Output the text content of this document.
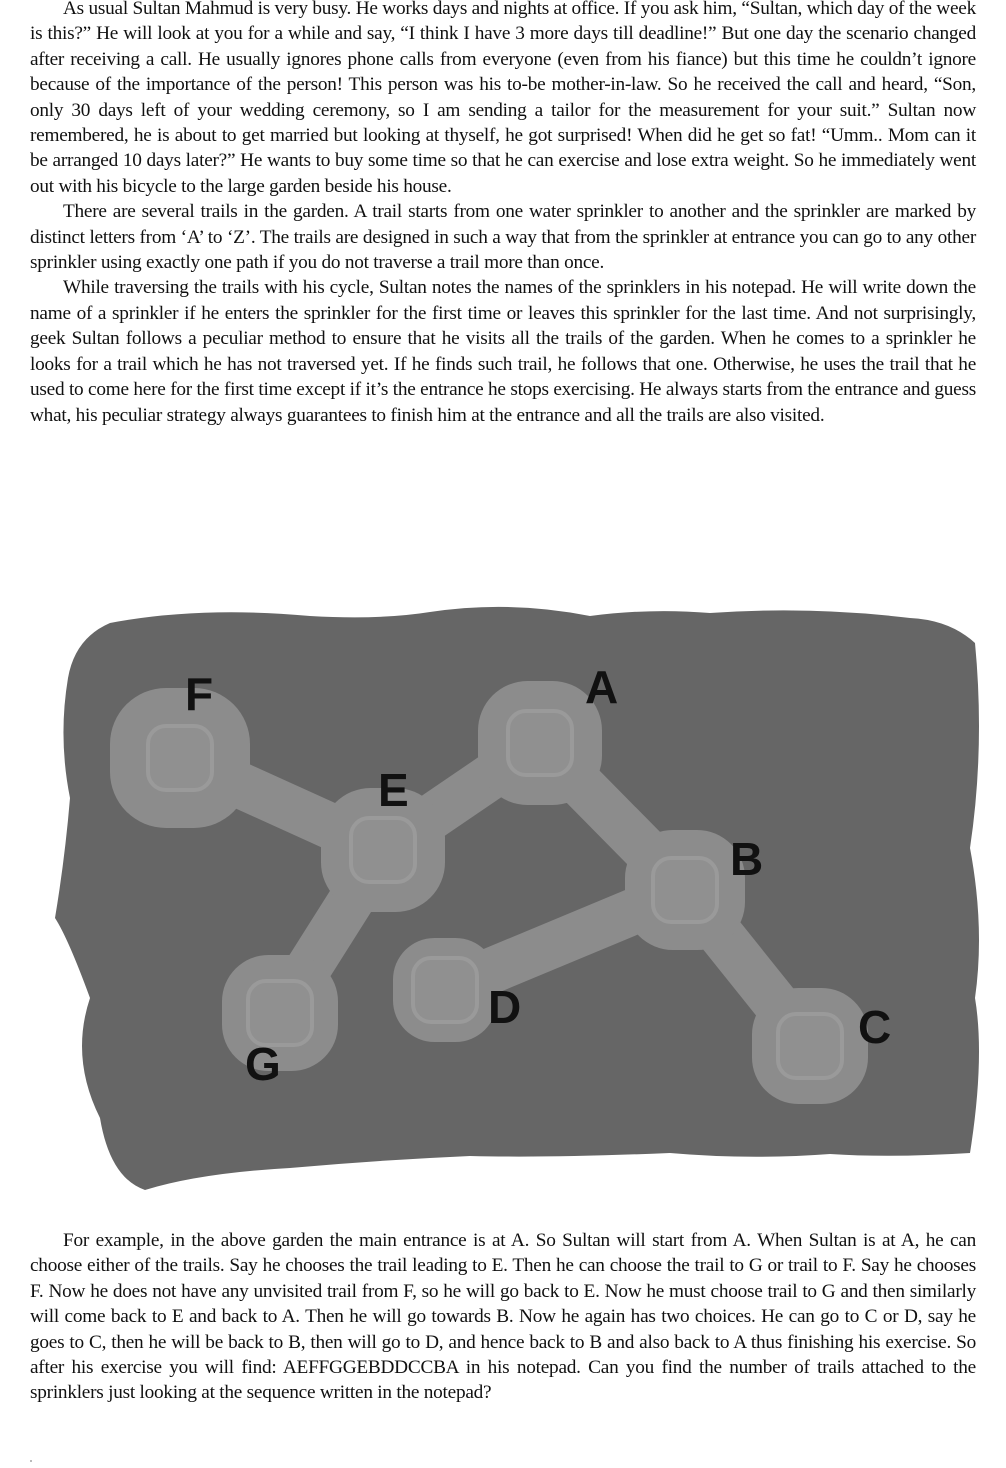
As usual Sultan Mahmud is very busy. He works days and nights at office. If you ask him, “Sultan, which day of the week is this?” He will look at you for a while and say, “I think I have 3 more days till deadline!” But one day the scenario changed after receiving a call. He usually ignores phone calls from everyone (even from his fiance) but this time he couldn’t ignore because of the importance of the person! This person was his to-be mother-in-law. So he received the call and heard, “Son, only 30 days left of your wedding ceremony, so I am sending a tailor for the measurement for your suit.” Sultan now remembered, he is about to get married but looking at thyself, he got surprised! When did he get so fat! “Umm.. Mom can it be arranged 10 days later?” He wants to buy some time so that he can exercise and lose extra weight. So he immediately went out with his bicycle to the large garden beside his house.

There are several trails in the garden. A trail starts from one water sprinkler to another and the sprinkler are marked by distinct letters from ‘A’ to ‘Z’. The trails are designed in such a way that from the sprinkler at entrance you can go to any other sprinkler using exactly one path if you do not traverse a trail more than once.

While traversing the trails with his cycle, Sultan notes the names of the sprinklers in his notepad. He will write down the name of a sprinkler if he enters the sprinkler for the first time or leaves this sprinkler for the last time. And not surprisingly, geek Sultan follows a peculiar method to ensure that he visits all the trails of the garden. When he comes to a sprinkler he looks for a trail which he has not traversed yet. If he finds such trail, he follows that one. Otherwise, he uses the trail that he used to come here for the first time except if it’s the entrance he stops exercising. He always starts from the entrance and guess what, his peculiar strategy always guarantees to finish him at the entrance and all the trails are also visited.

For example, in the above garden the main entrance is at A. So Sultan will start from A. When Sultan is at A, he can choose either of the trails. Say he chooses the trail leading to E. Then he can choose the trail to G or trail to F. Say he chooses F. Now he does not have any unvisited trail from F, so he will go back to E. Now he must choose trail to G and then similarly will come back to E and back to A. Then he will go towards B. Now he again has two choices. He can go to C or D, say he goes to C, then he will be back to B, then will go to D, and hence back to B and also back to A thus finishing his exercise. So after his exercise you will find: AEFFGGEBDDCCBA in his notepad. Can you find the number of trails attached to the sprinklers just looking at the sequence written in the notepad?

A
B
C
D
E
F
G
